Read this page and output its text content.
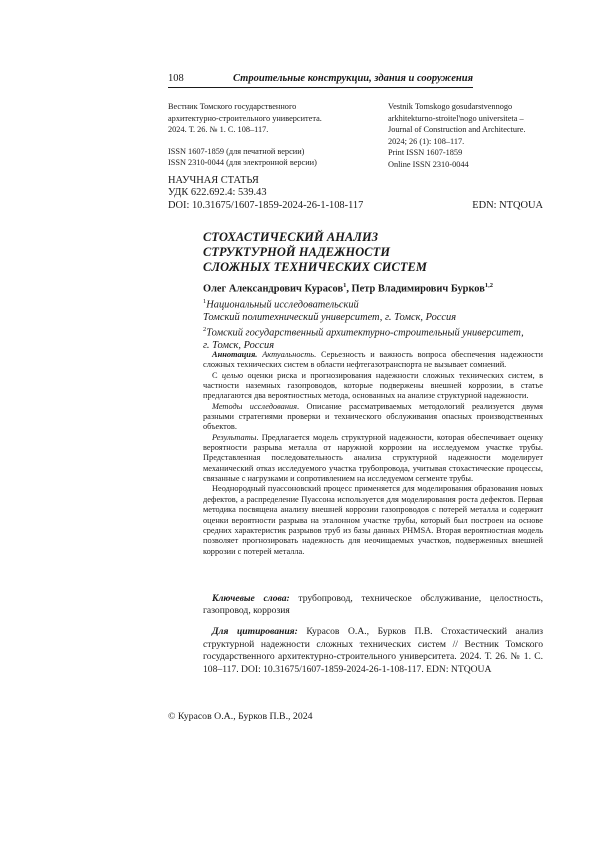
108	Строительные конструкции, здания и сооружения
Вестник Томского государственного
архитектурно-строительного университета.
2024. Т. 26. № 1. С. 108–117.
ISSN 1607-1859 (для печатной версии)
ISSN 2310-0044 (для электронной версии)
Vestnik Tomskogo gosudarstvennogo
arkhitekturno-stroitel'nogo universiteta –
Journal of Construction and Architecture.
2024; 26 (1): 108–117.
Print ISSN 1607-1859
Online ISSN 2310-0044
НАУЧНАЯ СТАТЬЯ
УДК 622.692.4: 539.43
DOI: 10.31675/1607-1859-2024-26-1-108-117	EDN: NTQOUA
СТОХАСТИЧЕСКИЙ АНАЛИЗ
СТРУКТУРНОЙ НАДЕЖНОСТИ
СЛОЖНЫХ ТЕХНИЧЕСКИХ СИСТЕМ
Олег Александрович Курасов$^1$, Петр Владимирович Бурков$^{1,2}$
$^1$Национальный исследовательский
Томский политехнический университет, г. Томск, Россия
$^2$Томский государственный архитектурно-строительный университет,
г. Томск, Россия

Аннотация. Актуальность. Серьезность и важность вопроса обеспечения надежности сложных технических систем в области нефтегазотранспорта не вызывает сомнений.

С целью оценки риска и прогнозирования надежности сложных технических систем, в частности наземных газопроводов, которые подвержены внешней коррозии, в статье предлагаются два вероятностных метода, основанных на анализе структурной надежности.

Методы исследования. Описание рассматриваемых методологий реализуется двумя разными стратегиями проверки и технического обслуживания опасных производственных объектов.

Результаты. Предлагается модель структурной надежности, которая обеспечивает оценку вероятности разрыва металла от наружной коррозии на исследуемом участке трубы. Представленная последовательность анализа структурной надежности моделирует механический отказ исследуемого участка трубопровода, учитывая стохастические процессы, связанные с нагрузками и сопротивлением на исследуемом сегменте трубы.

Неоднородный пуассоновский процесс применяется для моделирования образования новых дефектов, а распределение Пуассона используется для моделирования роста дефектов. Первая методика посвящена анализу внешней коррозии газопроводов с потерей металла и содержит оценки вероятности разрыва на эталонном участке трубы, который был построен на основе средних характеристик разрывов труб из базы данных PHMSA. Вторая вероятностная модель позволяет прогнозировать надежность для неочищаемых участков, подверженных внешней коррозии с потерей металла.

Ключевые слова: трубопровод, техническое обслуживание, целостность, газопровод, коррозия
Для цитирования: Курасов О.А., Бурков П.В. Стохастический анализ структурной надежности сложных технических систем // Вестник Томского государственного архитектурно-строительного университета. 2024. Т. 26. № 1. С. 108–117. DOI: 10.31675/1607-1859-2024-26-1-108-117. EDN: NTQOUA
© Курасов О.А., Бурков П.В., 2024
